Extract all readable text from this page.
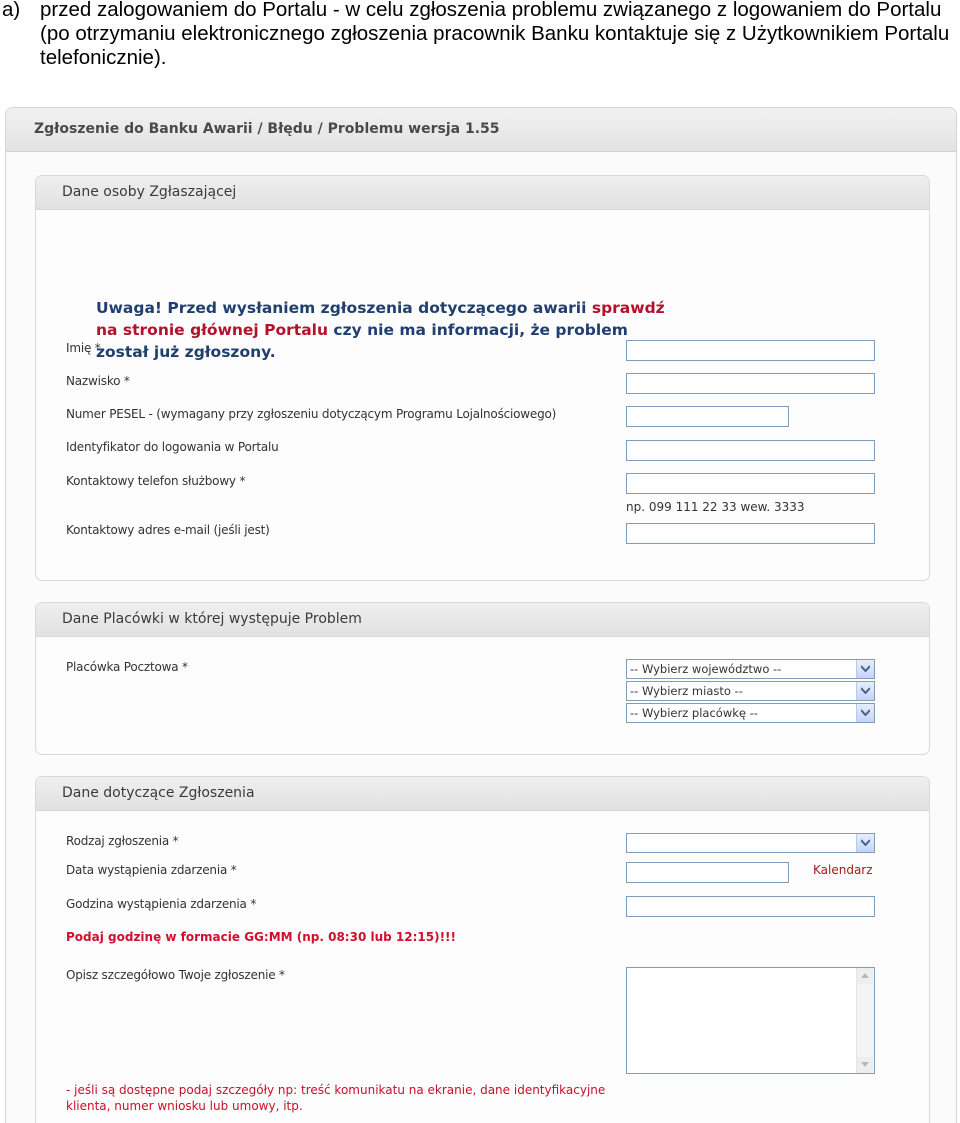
a) przed zalogowaniem do Portalu - w celu zgłoszenia problemu związanego z logowaniem do Portalu (po otrzymaniu elektronicznego zgłoszenia pracownik Banku kontaktuje się z Użytkownikiem Portalu telefonicznie).
Zgłoszenie do Banku Awarii / Błędu / Problemu wersja 1.55
Dane osoby Zgłaszającej
Uwaga! Przed wysłaniem zgłoszenia dotyczącego awarii sprawdź na stronie głównej Portalu czy nie ma informacji, że problem został już zgłoszony.
Imię *
Nazwisko *
Numer PESEL - (wymagany przy zgłoszeniu dotyczącym Programu Lojalnościowego)
Identyfikator do logowania w Portalu
Kontaktowy telefon służbowy *
np. 099 111 22 33 wew. 3333
Kontaktowy adres e-mail (jeśli jest)
Dane Placówki w której występuje Problem
Placówka Pocztowa *	-- Wybierz województwo --
-- Wybierz miasto --
-- Wybierz placówkę --
Dane dotyczące Zgłoszenia
Rodzaj zgłoszenia *
Data wystąpienia zdarzenia *	Kalendarz
Godzina wystąpienia zdarzenia *
Podaj godzinę w formacie GG:MM (np. 08:30 lub 12:15)!!!
Opisz szczegółowo Twoje zgłoszenie *
- jeśli są dostępne podaj szczegóły np: treść komunikatu na ekranie, dane identyfikacyjne
klienta, numer wniosku lub umowy, itp.
